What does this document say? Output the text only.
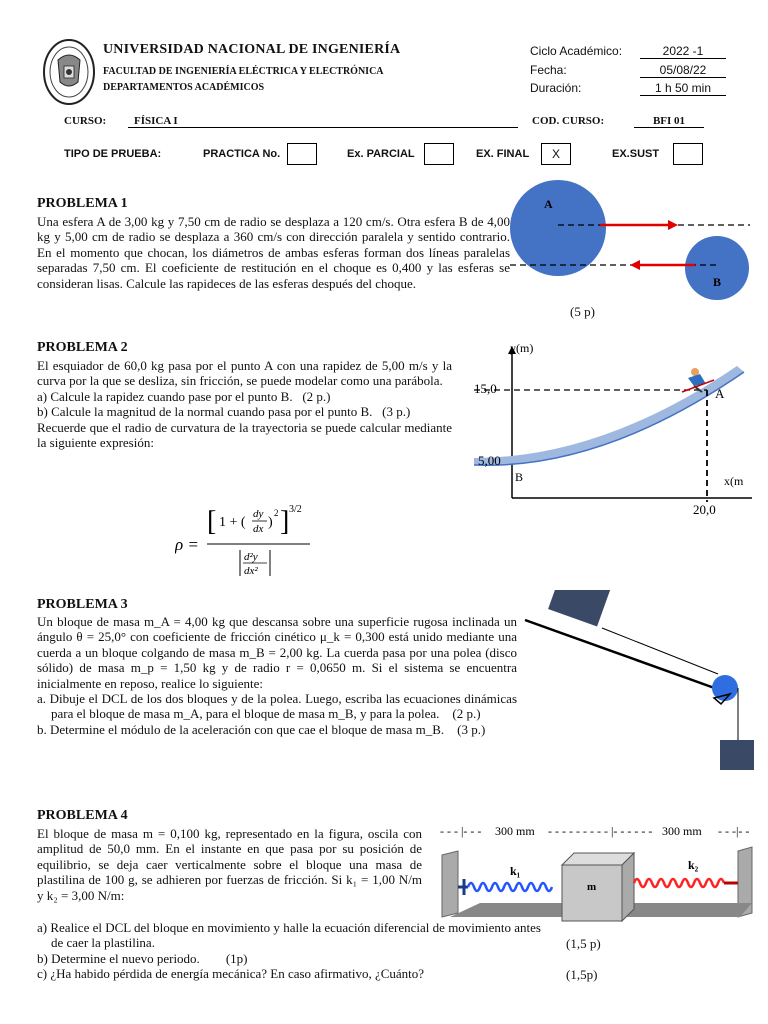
UNIVERSIDAD NACIONAL DE INGENIERÍA
FACULTAD DE INGENIERÍA ELÉCTRICA Y ELECTRÓNICA
DEPARTAMENTOS ACADÉMICOS
Ciclo Académico:	2022 -1
Fecha:	05/08/22
Duración:	1 h 50 min
CURSO:	FÍSICA I	COD. CURSO:	BFI 01
TIPO DE PRUEBA:	PRACTICA No.	Ex. PARCIAL	EX. FINAL	X	EX.SUST
PROBLEMA 1
Una esfera A de 3,00 kg y 7,50 cm de radio se desplaza a 120 cm/s. Otra esfera B de 4,00 kg y 5,00 cm de radio se desplaza a 360 cm/s con dirección paralela y sentido contrario. En el momento que chocan, los diámetros de ambas esferas forman dos líneas paralelas separadas 7,50 cm. El coeficiente de restitución en el choque es 0,400 y las esferas se consideran lisas. Calcule las rapideces de las esferas después del choque.
(5 p)
A
B
PROBLEMA 2

El esquiador de 60,0 kg pasa por el punto A con una rapidez de 5,00 m/s y la curva por la que se desliza, sin fricción, se puede modelar como una parábola.

a) Calcule la rapidez cuando pase por el punto B. (2 p.)

b) Calcule la magnitud de la normal cuando pasa por el punto B. (3 p.)

Recuerde que el radio de curvatura de la trayectoria se puede calcular mediante la siguiente expresión:

ρ =
[ 1 + (
dy
dx )
2 ] 3/2
d²y
dx²
y(m)
x(m
15,0
5,00
20,0
A
B
PROBLEMA 3

Un bloque de masa m_A = 4,00 kg que descansa sobre una superficie rugosa inclinada un ángulo θ = 25,0° con coeficiente de fricción cinético μ_k = 0,300 está unido mediante una cuerda a un bloque colgando de masa m_B = 2,00 kg. La cuerda pasa por una polea (disco sólido) de masa m_p = 1,50 kg y de radio r = 0,0650 m. Si el sistema se encuentra inicialmente en reposo, realice lo siguiente:

a. Dibuje el DCL de los dos bloques y de la polea. Luego, escriba las ecuaciones dinámicas para el bloque de masa m_A, para el bloque de masa m_B, y para la polea. (2 p.)

b. Determine el módulo de la aceleración con que cae el bloque de masa m_B. (3 p.)

PROBLEMA 4
El bloque de masa m = 0,100 kg, representado en la figura, oscila con amplitud de 50,0 mm. En el instante en que pasa por su posición de equilibrio, se deja caer verticalmente sobre el bloque una masa de plastilina de 100 g, se adhieren por fuerzas de fricción. Si k₁ = 1,00 N/m y k₂ = 3,00 N/m:

a) Realice el DCL del bloque en movimiento y halle la ecuación diferencial de movimiento antes de caer la plastilina.

b) Determine el nuevo periodo. (1p)

c) ¿Ha habido pérdida de energía mecánica? En caso afirmativo, ¿Cuánto?

(1,5 p)
(1,5p)
- - - |- - - 300 mm - - - - - - - - - |- - - - - - 300 mm - - -|- -
k₁
m
k₂
